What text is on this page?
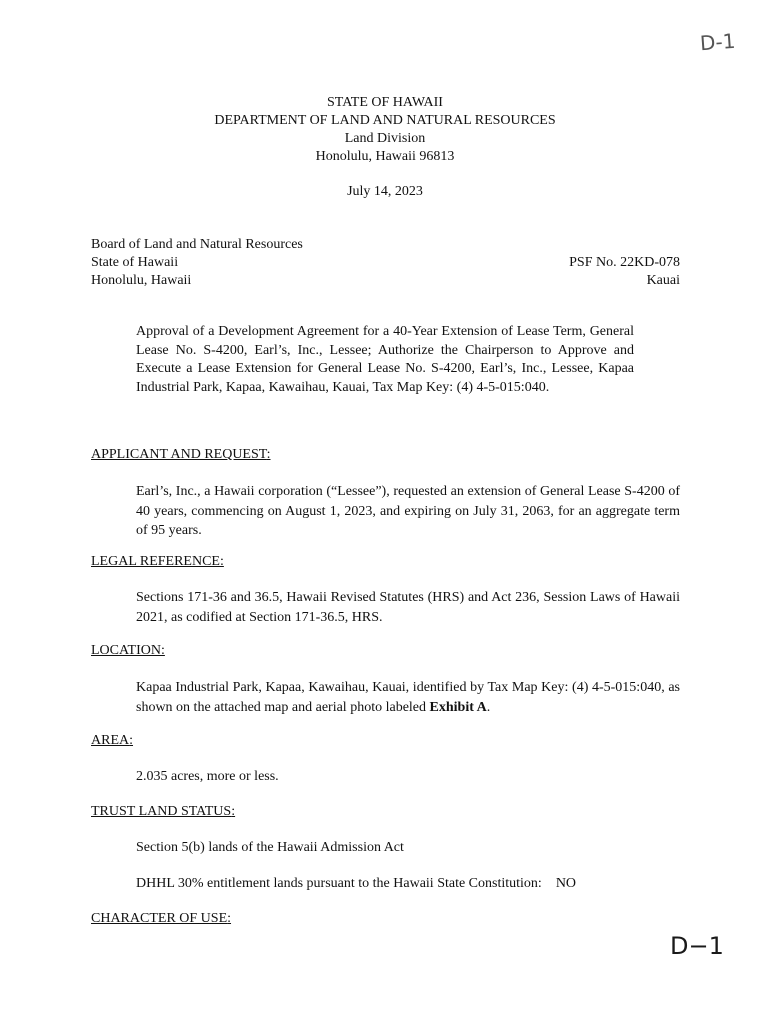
D-1
STATE OF HAWAII
DEPARTMENT OF LAND AND NATURAL RESOURCES
Land Division
Honolulu, Hawaii 96813
July 14, 2023
Board of Land and Natural Resources
State of Hawaii	PSF No. 22KD-078
Honolulu, Hawaii	Kauai
Approval of a Development Agreement for a 40-Year Extension of Lease Term, General Lease No. S-4200, Earl’s, Inc., Lessee; Authorize the Chairperson to Approve and Execute a Lease Extension for General Lease No. S-4200, Earl’s, Inc., Lessee, Kapaa Industrial Park, Kapaa, Kawaihau, Kauai, Tax Map Key: (4) 4-5-015:040.
APPLICANT AND REQUEST:
Earl’s, Inc., a Hawaii corporation (“Lessee”), requested an extension of General Lease S-4200 of 40 years, commencing on August 1, 2023, and expiring on July 31, 2063, for an aggregate term of 95 years.
LEGAL REFERENCE:
Sections 171-36 and 36.5, Hawaii Revised Statutes (HRS) and Act 236, Session Laws of Hawaii 2021, as codified at Section 171-36.5, HRS.
LOCATION:
Kapaa Industrial Park, Kapaa, Kawaihau, Kauai, identified by Tax Map Key: (4) 4-5-015:040, as shown on the attached map and aerial photo labeled Exhibit A.
AREA:
2.035 acres, more or less.
TRUST LAND STATUS:
Section 5(b) lands of the Hawaii Admission Act
DHHL 30% entitlement lands pursuant to the Hawaii State Constitution: NO
CHARACTER OF USE:
D−1
